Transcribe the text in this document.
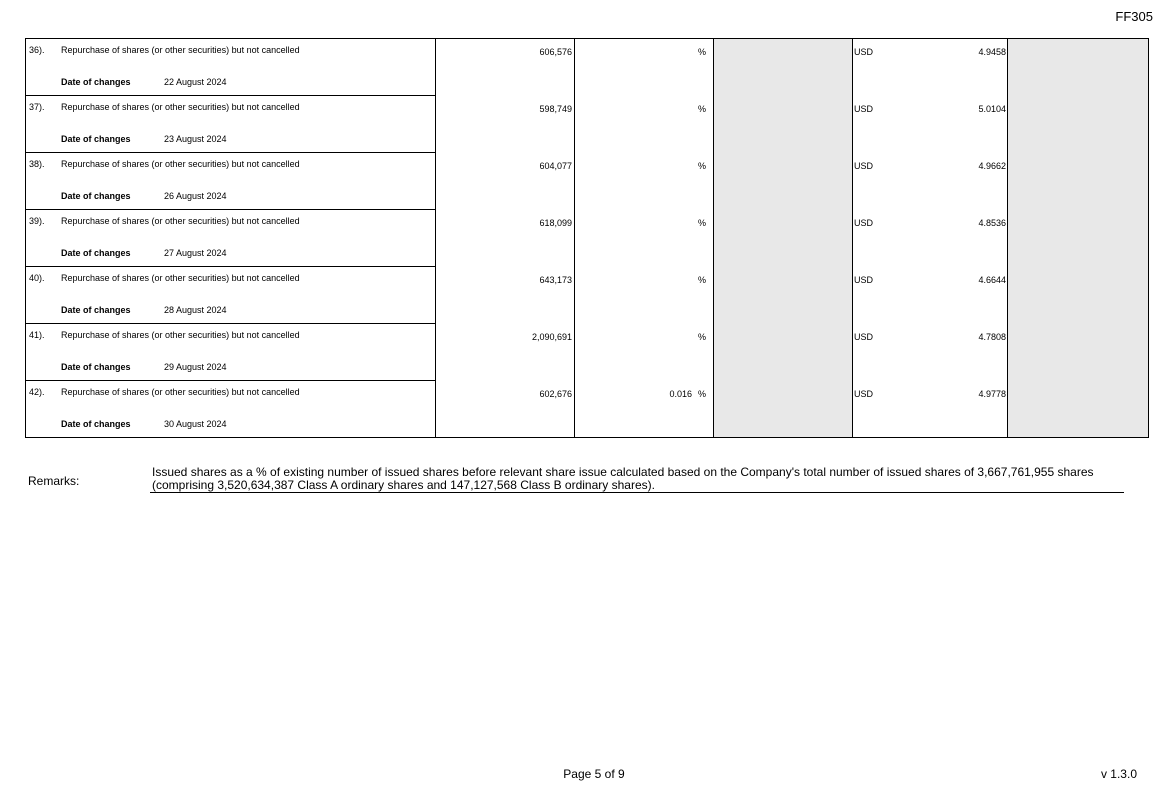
FF305
36).	Repurchase of shares (or other securities) but not cancelled	606,576	%		USD 4.9458	

	Date of changes 22 August 2024					

37).	Repurchase of shares (or other securities) but not cancelled	598,749	%		USD 5.0104	

	Date of changes 23 August 2024					

38).	Repurchase of shares (or other securities) but not cancelled	604,077	%		USD 4.9662	

	Date of changes 26 August 2024					

39).	Repurchase of shares (or other securities) but not cancelled	618,099	%		USD 4.8536	

	Date of changes 27 August 2024					

40).	Repurchase of shares (or other securities) but not cancelled	643,173	%		USD 4.6644	

	Date of changes 28 August 2024					

41).	Repurchase of shares (or other securities) but not cancelled	2,090,691	%		USD 4.7808	

	Date of changes 29 August 2024					

42).	Repurchase of shares (or other securities) but not cancelled	602,676	0.016 %		USD 4.9778	

	Date of changes 30 August 2024					
Remarks:
Issued shares as a % of existing number of issued shares before relevant share issue calculated based on the Company's total number of issued shares of 3,667,761,955 shares (comprising 3,520,634,387 Class A ordinary shares and 147,127,568 Class B ordinary shares).
Page 5 of 9	v 1.3.0
